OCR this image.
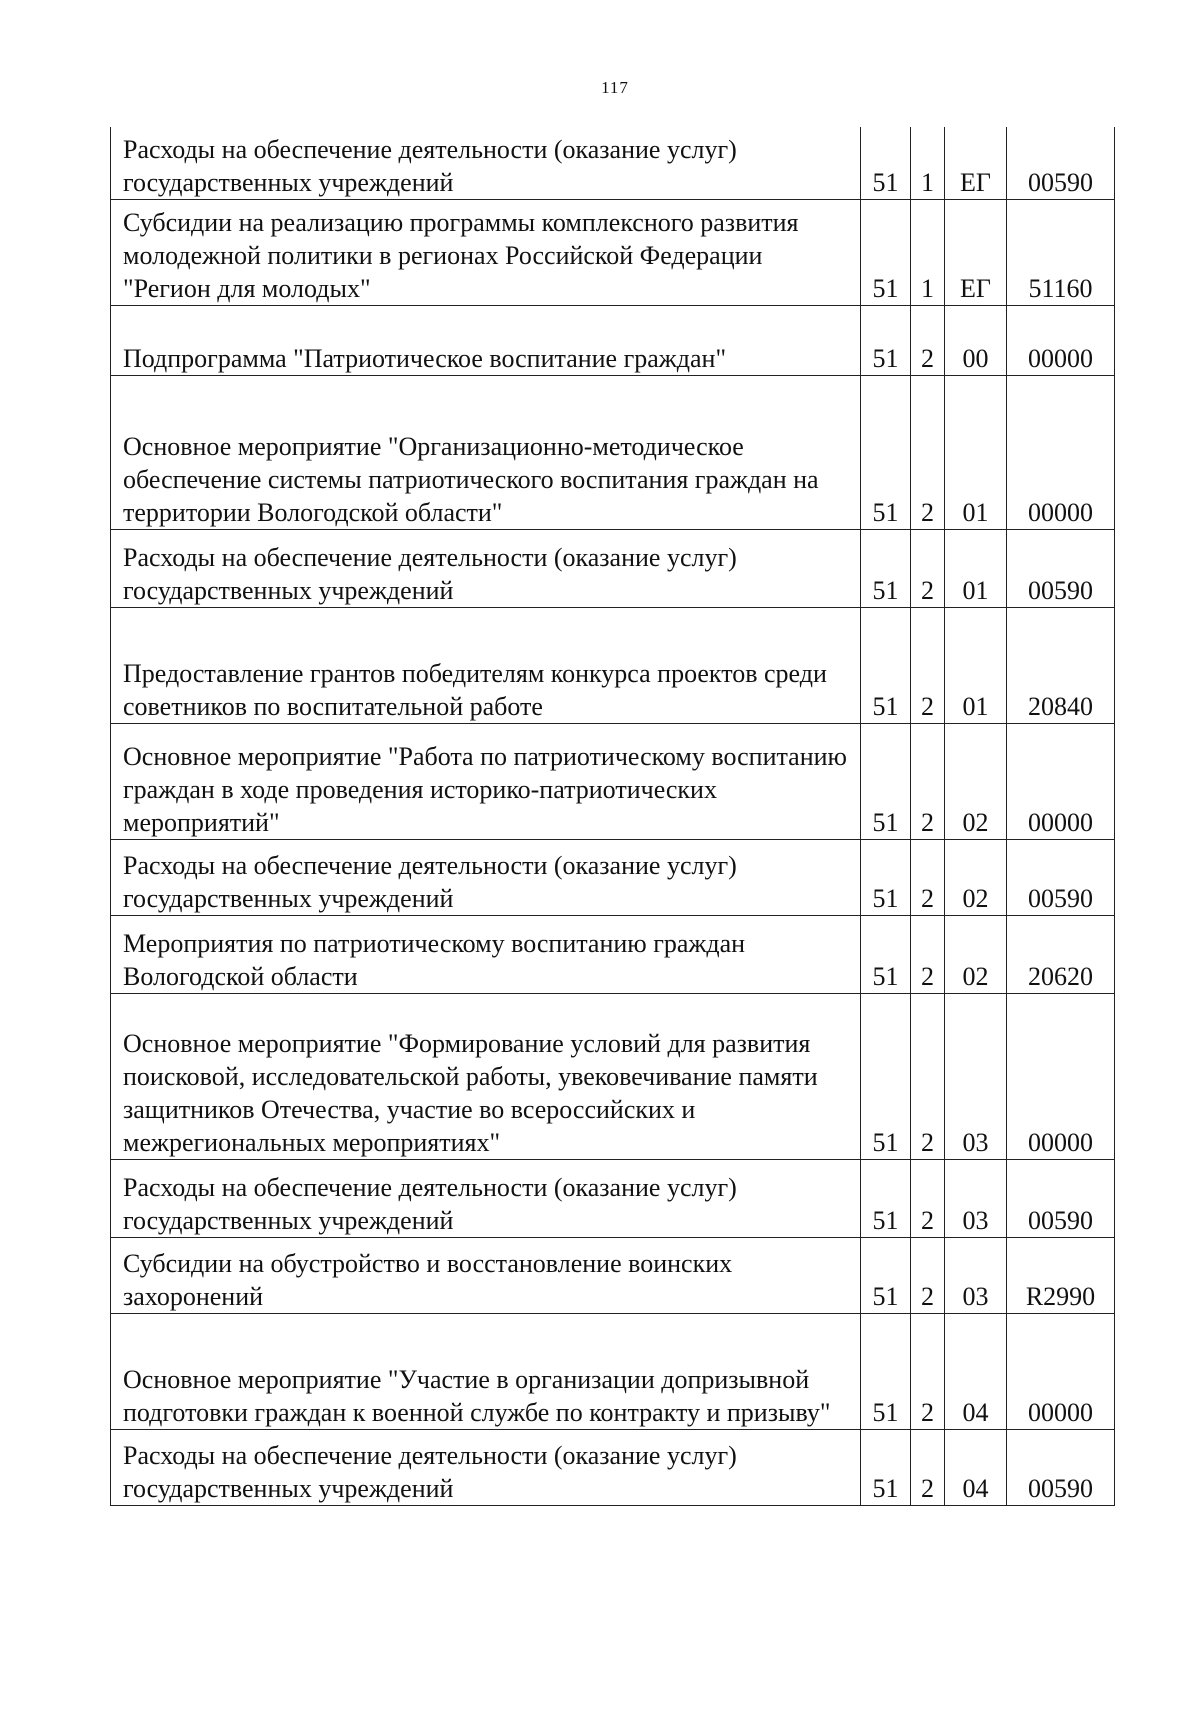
117
Расходы на обеспечение деятельности (оказание услуг) государственных учреждений	51	1	ЕГ	00590
Субсидии на реализацию программы комплексного развития молодежной политики в регионах Российской Федерации "Регион для молодых"	51	1	ЕГ	51160
Подпрограмма "Патриотическое воспитание граждан"	51	2	00	00000
Основное мероприятие "Организационно-методическое обеспечение системы патриотического воспитания граждан на территории Вологодской области"	51	2	01	00000
Расходы на обеспечение деятельности (оказание услуг) государственных учреждений	51	2	01	00590
Предоставление грантов победителям конкурса проектов среди советников по воспитательной работе	51	2	01	20840
Основное мероприятие "Работа по патриотическому воспитанию граждан в ходе проведения историко-патриотических мероприятий"	51	2	02	00000
Расходы на обеспечение деятельности (оказание услуг) государственных учреждений	51	2	02	00590
Мероприятия по патриотическому воспитанию граждан Вологодской области	51	2	02	20620
Основное мероприятие "Формирование условий для развития поисковой, исследовательской работы, увековечивание памяти защитников Отечества, участие во всероссийских и межрегиональных мероприятиях"	51	2	03	00000
Расходы на обеспечение деятельности (оказание услуг) государственных учреждений	51	2	03	00590
Субсидии на обустройство и восстановление воинских захоронений	51	2	03	R2990
Основное мероприятие "Участие в организации допризывной подготовки граждан к военной службе по контракту и призыву"	51	2	04	00000
Расходы на обеспечение деятельности (оказание услуг) государственных учреждений	51	2	04	00590
